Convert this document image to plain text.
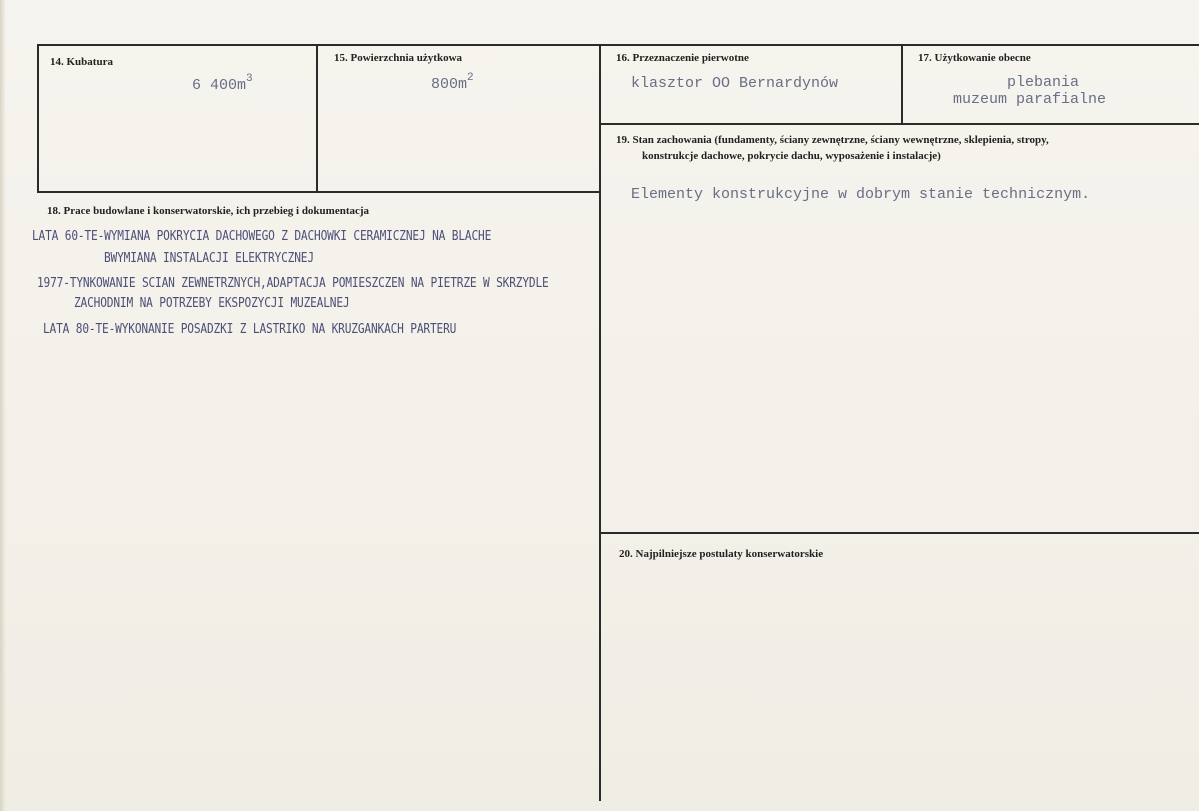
14. Kubatura
6 $400m^3$
15. Powierzchnia użytkowa
$800m^2$
16. Przeznaczenie pierwotne
klasztor OO Bernardynów
17. Użytkowanie obecne
plebania
muzeum parafialne
19. Stan zachowania (fundamenty, ściany zewnętrzne, ściany wewnętrzne, sklepienia, stropy,
konstrukcje dachowe, pokrycie dachu, wyposażenie i instalacje)
Elementy konstrukcyjne w dobrym stanie technicznym.
18. Prace budowlane i konserwatorskie, ich przebieg i dokumentacja
LATA 60-TE-WYMIANA POKRYCIA DACHOWEGO Z DACHOWKI CERAMICZNEJ NA BLACHE
BWYMIANA INSTALACJI ELEKTRYCZNEJ
1977-TYNKOWANIE SCIAN ZEWNETRZNYCH,ADAPTACJA POMIESZCZEN NA PIETRZE W SKRZYDLE
ZACHODNIM NA POTRZEBY EKSPOZYCJI MUZEALNEJ
LATA 80-TE-WYKONANIE POSADZKI Z LASTRIKO NA KRUZGANKACH PARTERU
20. Najpilniejsze postulaty konserwatorskie
